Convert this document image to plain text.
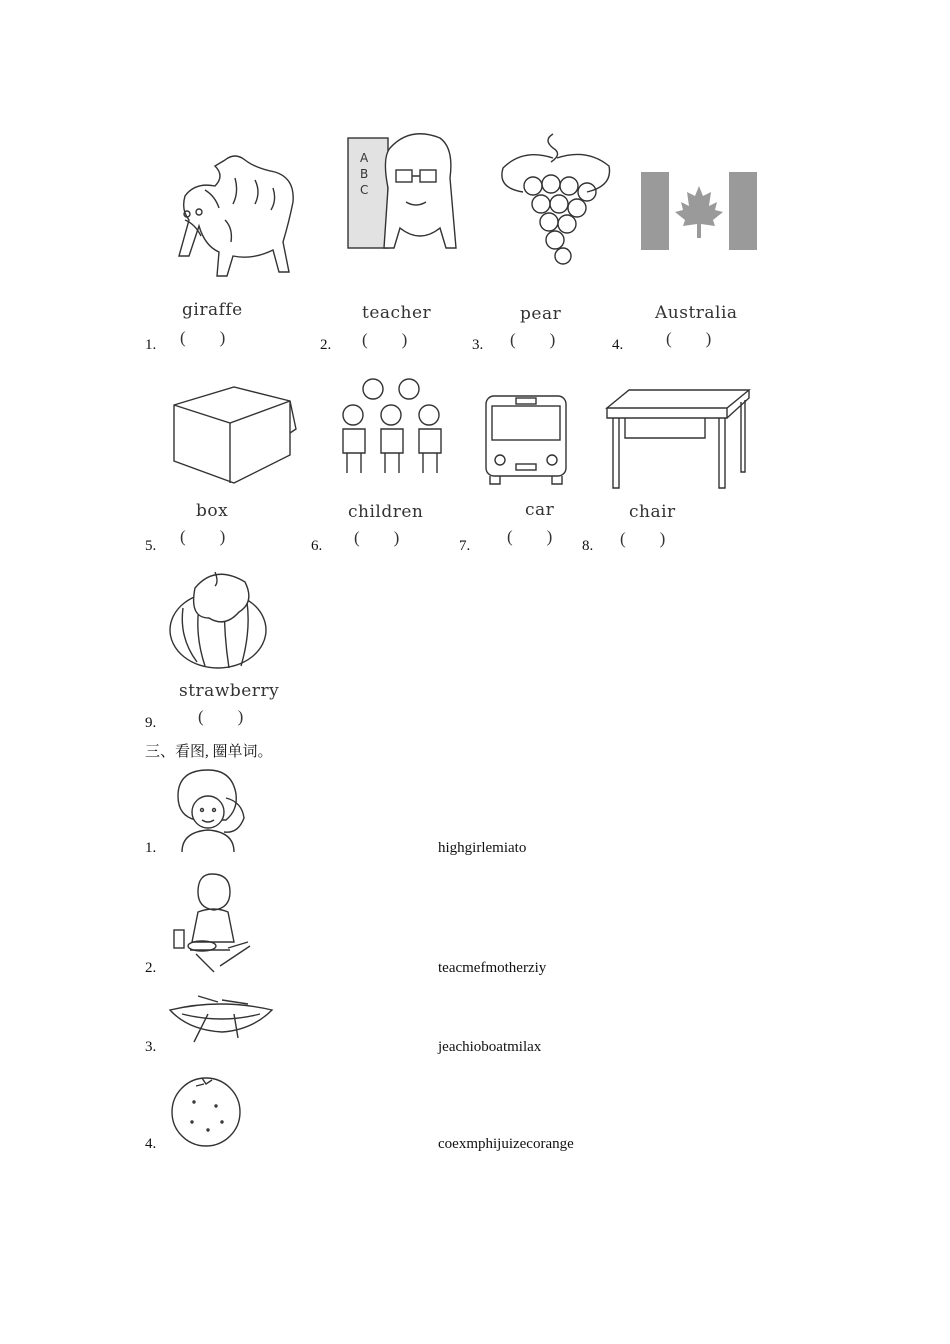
A
B
C
giraffe	teacher	pear	Australia
1. (        )	2. (        )	3. (        )	4.	(        )
box	children	car	chair
5. (        )	6. (        )	7. (        ) 8. (        )
strawberry
9. (        )
三、看图, 圈单词。
1.	highgirlemiato
2.	teacmefmotherziy
3.	jeachioboatmilax
4.	coexmphijuizecorange
